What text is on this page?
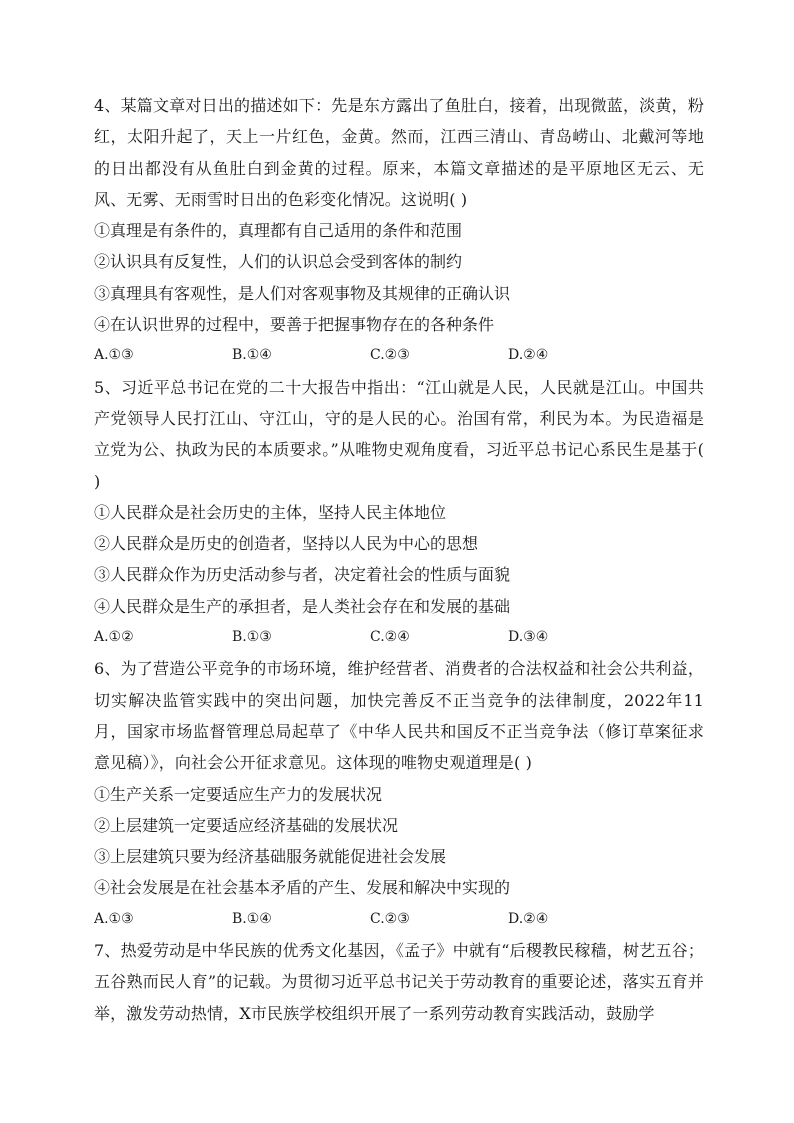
4、某篇文章对日出的描述如下：先是东方露出了鱼肚白，接着，出现微蓝，淡黄，粉红，太阳升起了，天上一片红色，金黄。然而，江西三清山、青岛崂山、北戴河等地的日出都没有从鱼肚白到金黄的过程。原来，本篇文章描述的是平原地区无云、无风、无雾、无雨雪时日出的色彩变化情况。这说明( )

①真理是有条件的，真理都有自己适用的条件和范围

②认识具有反复性，人们的认识总会受到客体的制约

③真理具有客观性，是人们对客观事物及其规律的正确认识

④在认识世界的过程中，要善于把握事物存在的各种条件

A.①③	B.①④	C.②③	D.②④

5、习近平总书记在党的二十大报告中指出：“江山就是人民，人民就是江山。中国共产党领导人民打江山、守江山，守的是人民的心。治国有常，利民为本。为民造福是立党为公、执政为民的本质要求。”从唯物史观角度看，习近平总书记心系民生是基于( )

①人民群众是社会历史的主体，坚持人民主体地位

②人民群众是历史的创造者，坚持以人民为中心的思想

③人民群众作为历史活动参与者，决定着社会的性质与面貌

④人民群众是生产的承担者，是人类社会存在和发展的基础

A.①②	B.①③	C.②④	D.③④

6、为了营造公平竞争的市场环境，维护经营者、消费者的合法权益和社会公共利益，切实解决监管实践中的突出问题，加快完善反不正当竞争的法律制度，2022年11月，国家市场监督管理总局起草了《中华人民共和国反不正当竞争法（修订草案征求意见稿）》，向社会公开征求意见。这体现的唯物史观道理是( )

①生产关系一定要适应生产力的发展状况

②上层建筑一定要适应经济基础的发展状况

③上层建筑只要为经济基础服务就能促进社会发展

④社会发展是在社会基本矛盾的产生、发展和解决中实现的

A.①③	B.①④	C.②③	D.②④

7、热爱劳动是中华民族的优秀文化基因，《孟子》中就有“后稷教民稼穑，树艺五谷；五谷熟而民人育”的记载。为贯彻习近平总书记关于劳动教育的重要论述，落实五育并举，激发劳动热情，X市民族学校组织开展了一系列劳动教育实践活动，鼓励学
